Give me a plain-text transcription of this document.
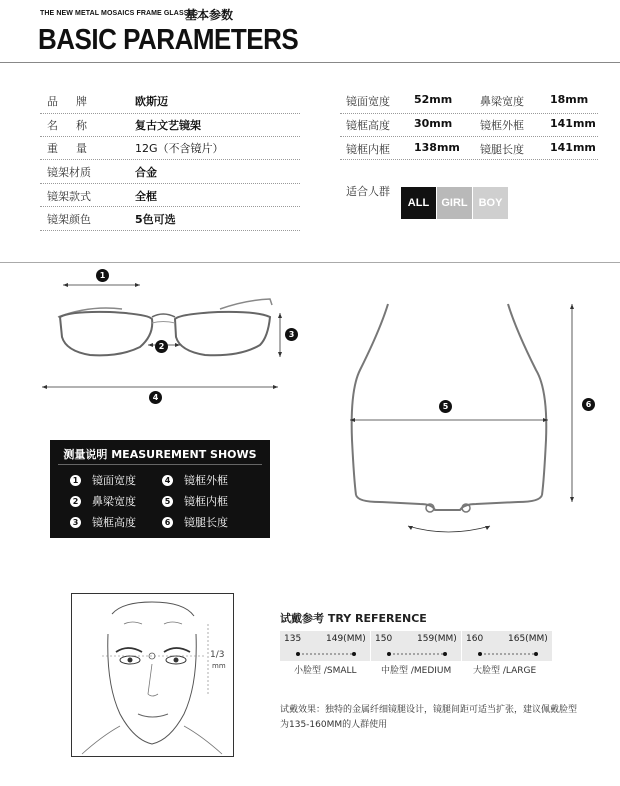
THE NEW METAL MOSAICS FRAME GLASSES
基本参数
BASIC PARAMETERS
品牌	欧斯迈
名称	复古文艺镜架
重量	12G（不含镜片）
镜架材质	合金
镜架款式	全框
镜架颜色	5色可选
镜面宽度 52mm	鼻梁宽度 18mm
镜框高度 30mm	镜框外框 141mm
镜框内框 138mm 镜腿长度 141mm
适合人群
ALL	GIRL BOY
1
2
3
4
5	6
测量说明 MEASUREMENT SHOWS
1 镜面宽度	4 镜框外框
2 鼻梁宽度	5 镜框内框
3 镜框高度	6 镜腿长度
1/3
mm
试戴参考 TRY REFERENCE
135	149(MM) 150	159(MM) 160	165(MM)
小脸型 /SMALL	中脸型 /MEDIUM 大脸型 /LARGE
试戴效果：独特的金属纤细镜腿设计，镜腿间距可适当扩张，建议佩戴脸型为135-160MM的人群使用
